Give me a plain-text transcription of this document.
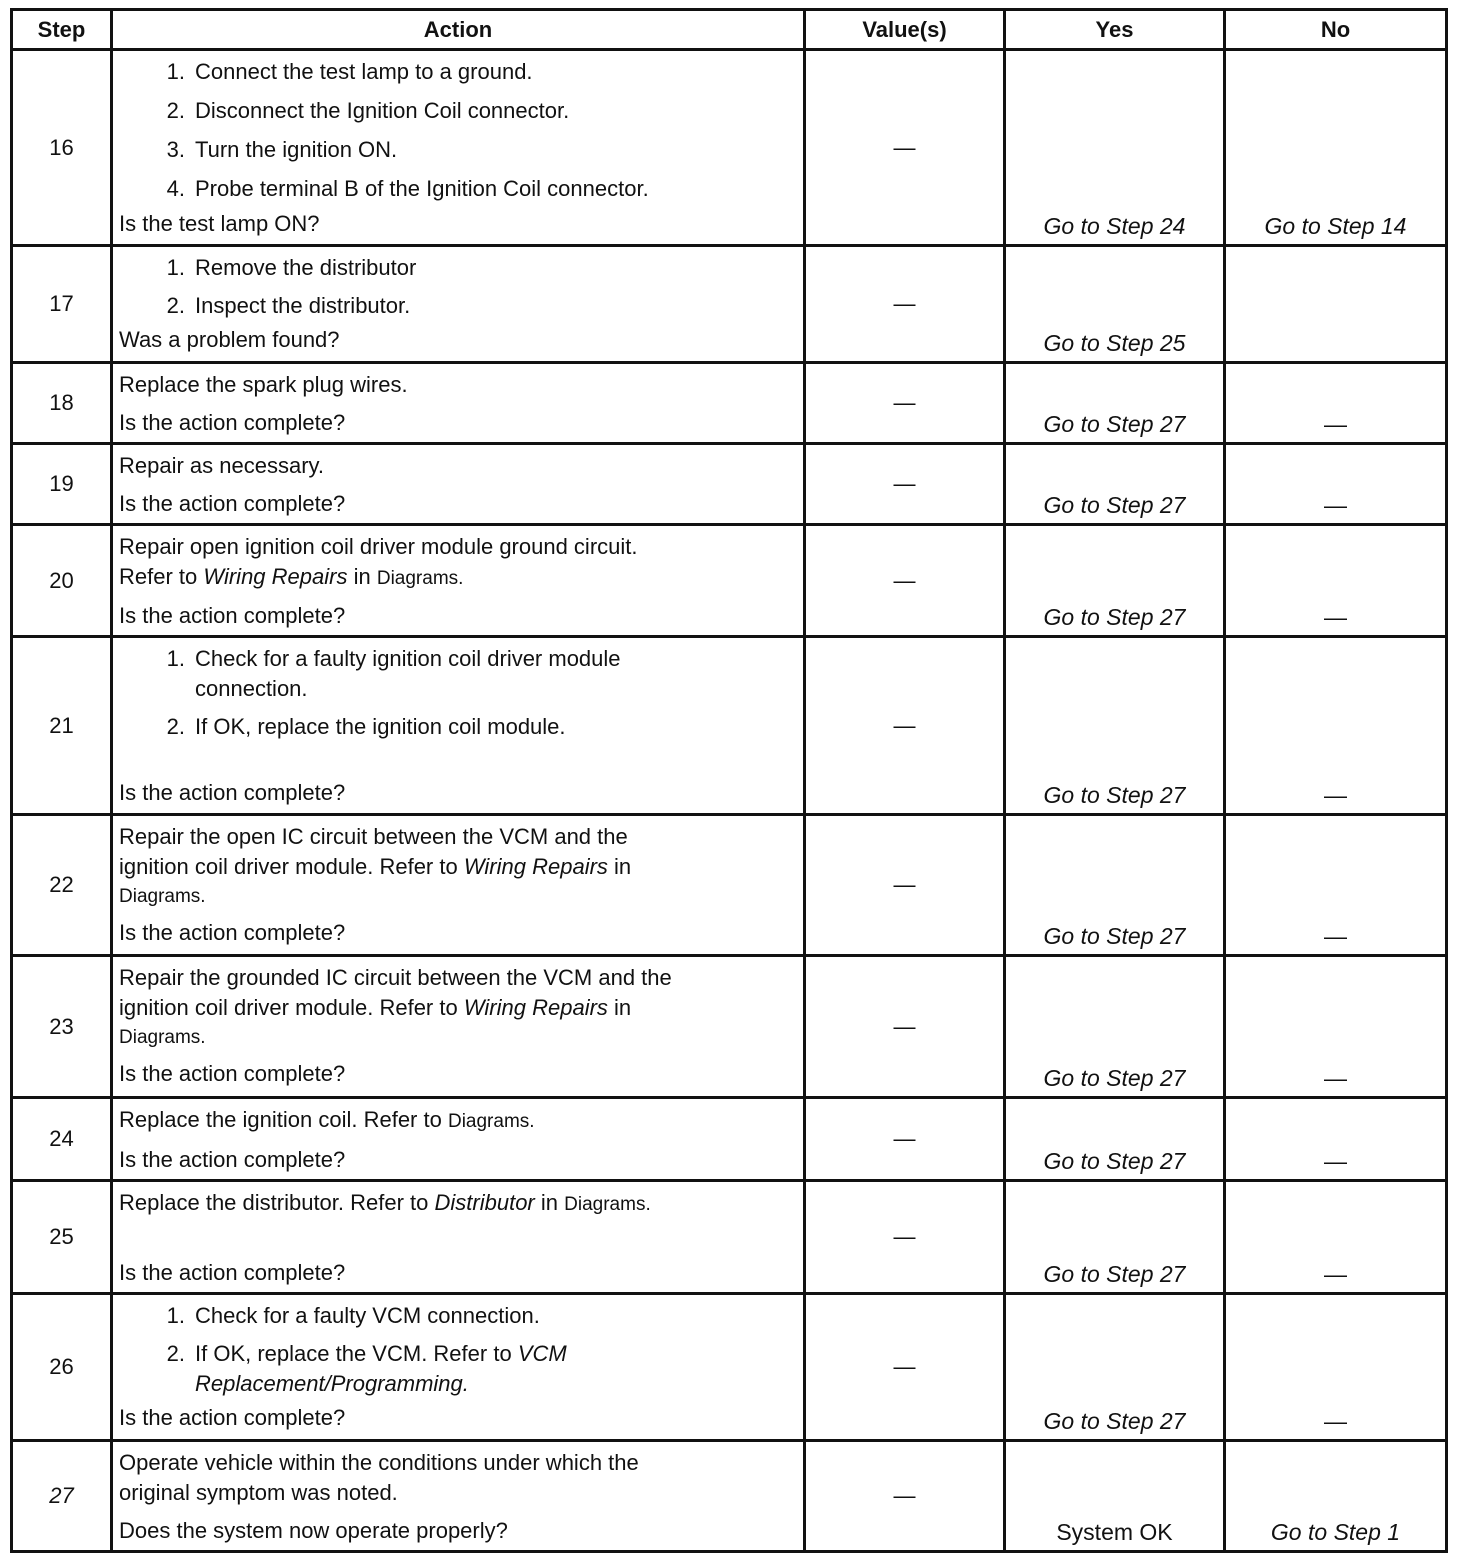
Step	Action	Value(s)	Yes	No
16	1. Connect the test lamp to a ground.
2. Disconnect the Ignition Coil connector.
3. Turn the ignition ON.
4. Probe terminal B of the Ignition Coil connector.
Is the test lamp ON?	—	Go to Step 24	Go to Step 14
17	1. Remove the distributor
2. Inspect the distributor.
Was a problem found?	—	Go to Step 25	
18	Replace the spark plug wires.
Is the action complete?	—	Go to Step 27	—
19	Repair as necessary.
Is the action complete?	—	Go to Step 27	—
20	Repair open ignition coil driver module ground circuit.
Refer to Wiring Repairs in Diagrams.
Is the action complete?	—	Go to Step 27	—
21	1. Check for a faulty ignition coil driver module
connection.
2. If OK, replace the ignition coil module.
Is the action complete?	—	Go to Step 27	—
22	Repair the open IC circuit between the VCM and the
ignition coil driver module. Refer to Wiring Repairs in
Diagrams.
Is the action complete?	—	Go to Step 27	—
23	Repair the grounded IC circuit between the VCM and the
ignition coil driver module. Refer to Wiring Repairs in
Diagrams.
Is the action complete?	—	Go to Step 27	—
24	Replace the ignition coil. Refer to Diagrams.
Is the action complete?	—	Go to Step 27	—
25	Replace the distributor. Refer to Distributor in Diagrams.
Is the action complete?	—	Go to Step 27	—
26	1. Check for a faulty VCM connection.
2. If OK, replace the VCM. Refer to VCM
Replacement/Programming.
Is the action complete?	—	Go to Step 27	—
27	Operate vehicle within the conditions under which the
original symptom was noted.
Does the system now operate properly?	—	System OK	Go to Step 1
